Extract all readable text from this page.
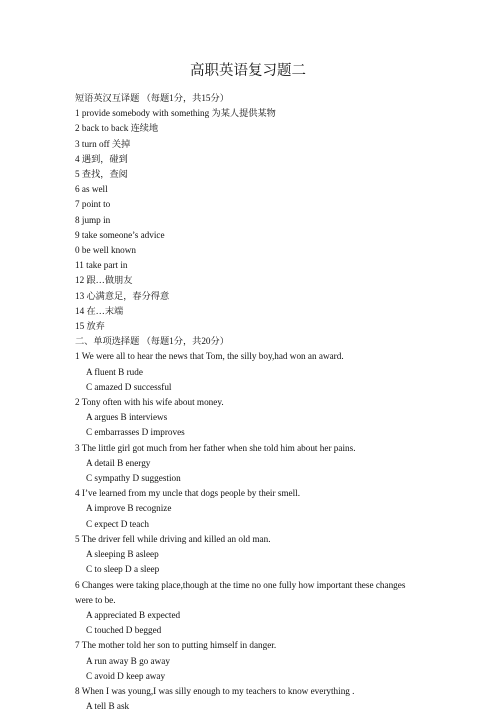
高职英语复习题二
短语英汉互译题 （每题1分，共15分）
1 provide somebody with something 为某人提供某物
2 back to back 连续地
3 turn off 关掉
4 遇到，碰到
5 查找，查阅
6 as well
7 point to
8 jump in
9 take someone’s advice
0 be well known
11 take part in
12 跟…做朋友
13 心满意足，春分得意
14 在…末端
15 放弃
二、单项选择题 （每题1分，共20分）
1 We were all to hear the news that Tom, the silly boy,had won an award.
A fluent B rude
C amazed D successful
2 Tony often with his wife about money.
A argues B interviews
C embarrasses D improves
3 The little girl got much from her father when she told him about her pains.
A detail B energy
C sympathy D suggestion
4 I’ve learned from my uncle that dogs people by their smell.
A improve B recognize
C expect D teach
5 The driver fell while driving and killed an old man.
A sleeping B asleep
C to sleep D a sleep
6 Changes were taking place,though at the time no one fully how important these changes were to be.
A appreciated B expected
C touched D begged
7 The mother told her son to putting himself in danger.
A run away B go away
C avoid D keep away
8 When I was young,I was silly enough to my teachers to know everything .
A tell B ask
